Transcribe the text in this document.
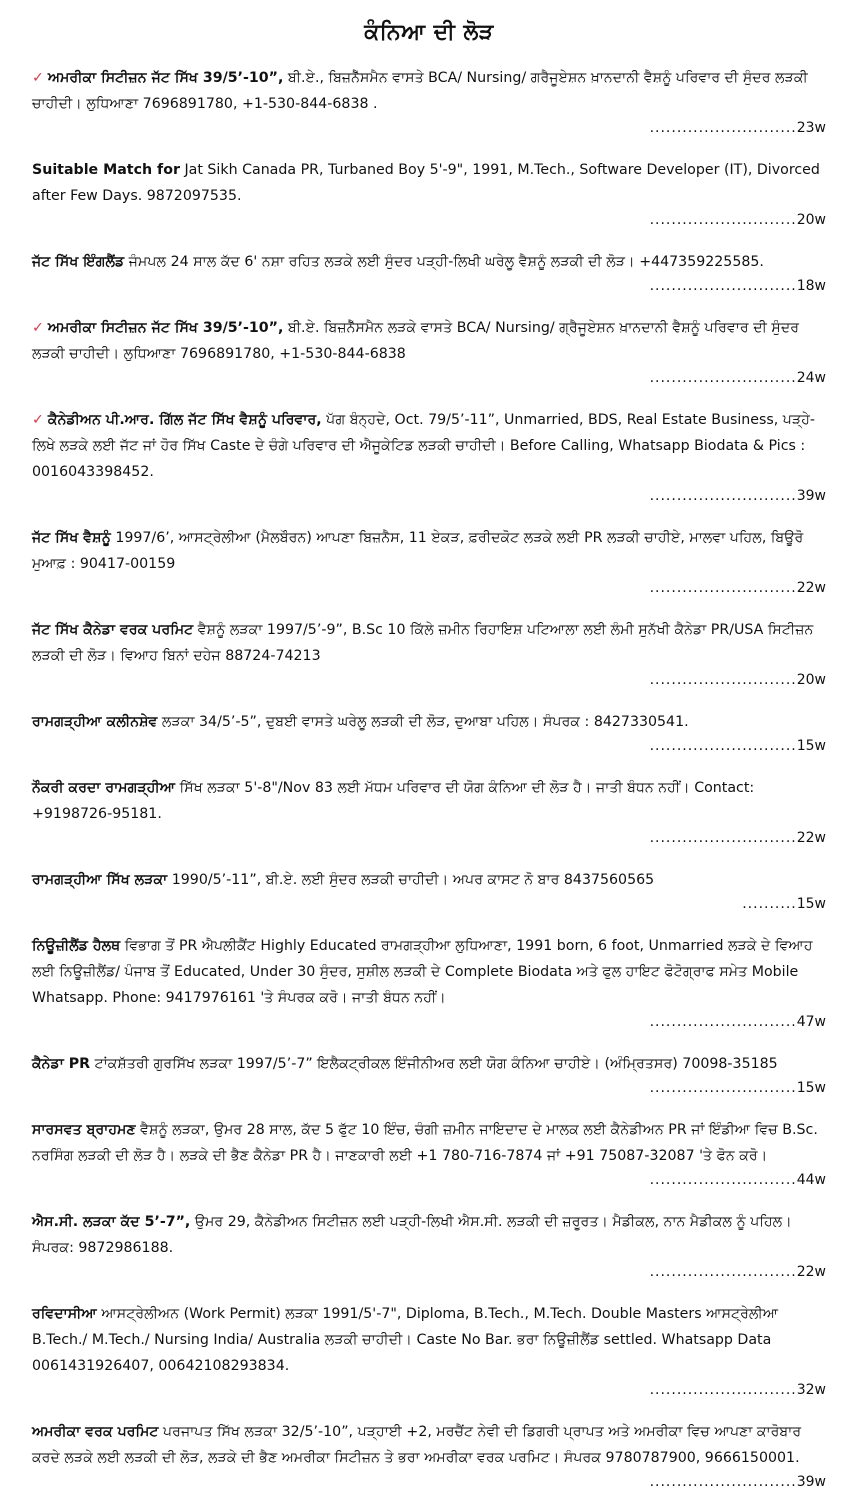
ਕੰਨਿਆ ਦੀ ਲੋੜ
✓ ਅਮਰੀਕਾ ਸਿਟੀਜ਼ਨ ਜੱਟ ਸਿੱਖ 39/5’-10”, ਬੀ.ਏ., ਬਿਜ਼ਨੈੱਸਮੈਨ ਵਾਸਤੇ BCA/ Nursing/ ਗਰੈਜੂਏਸ਼ਨ ਖ਼ਾਨਦਾਨੀ ਵੈਸ਼ਨੂੰ ਪਰਿਵਾਰ ਦੀ ਸੁੰਦਰ ਲੜਕੀ ਚਾਹੀਦੀ। ਲੁਧਿਆਣਾ 7696891780, +1-530-844-6838 .
...........................23w
Suitable Match for Jat Sikh Canada PR, Turbaned Boy 5'-9", 1991, M.Tech., Software Developer (IT), Divorced after Few Days. 9872097535.
...........................20w
ਜੱਟ ਸਿੱਖ ਇੰਗਲੈਂਡ ਜੰਮਪਲ 24 ਸਾਲ ਕੱਦ 6' ਨਸ਼ਾ ਰਹਿਤ ਲੜਕੇ ਲਈ ਸੁੰਦਰ ਪੜ੍ਹੀ-ਲਿਖੀ ਘਰੇਲੂ ਵੈਸ਼ਨੂੰ ਲੜਕੀ ਦੀ ਲੋੜ। +447359225585.
...........................18w
✓ ਅਮਰੀਕਾ ਸਿਟੀਜ਼ਨ ਜੱਟ ਸਿੱਖ 39/5’-10”, ਬੀ.ਏ. ਬਿਜ਼ਨੈੱਸਮੈਨ ਲੜਕੇ ਵਾਸਤੇ BCA/ Nursing/ ਗ੍ਰੈਜੂਏਸ਼ਨ ਖ਼ਾਨਦਾਨੀ ਵੈਸ਼ਨੂੰ ਪਰਿਵਾਰ ਦੀ ਸੁੰਦਰ ਲੜਕੀ ਚਾਹੀਦੀ। ਲੁਧਿਆਣਾ 7696891780, +1-530-844-6838
...........................24w
✓ ਕੈਨੇਡੀਅਨ ਪੀ.ਆਰ. ਗਿੱਲ ਜੱਟ ਸਿੱਖ ਵੈਸ਼ਨੂੰ ਪਰਿਵਾਰ, ਪੱਗ ਬੰਨ੍ਹਦੇ, Oct. 79/5’-11”, Unmarried, BDS, Real Estate Business, ਪੜ੍ਹੇ-ਲਿਖੇ ਲੜਕੇ ਲਈ ਜੱਟ ਜਾਂ ਹੋਰ ਸਿੱਖ Caste ਦੇ ਚੰਗੇ ਪਰਿਵਾਰ ਦੀ ਐਜੂਕੇਟਿਡ ਲੜਕੀ ਚਾਹੀਦੀ। Before Calling, Whatsapp Biodata & Pics : 0016043398452.
...........................39w
ਜੱਟ ਸਿੱਖ ਵੈਸ਼ਨੂੰ 1997/6’, ਆਸਟ੍ਰੇਲੀਆ (ਮੈਲਬੌਰਨ) ਆਪਣਾ ਬਿਜ਼ਨੈਸ, 11 ਏਕੜ, ਫ਼ਰੀਦਕੋਟ ਲੜਕੇ ਲਈ PR ਲੜਕੀ ਚਾਹੀਏ, ਮਾਲਵਾ ਪਹਿਲ, ਬਿਊਰੋ ਮੁਆਫ਼ : 90417-00159
...........................22w
ਜੱਟ ਸਿੱਖ ਕੈਨੇਡਾ ਵਰਕ ਪਰਮਿਟ ਵੈਸ਼ਨੂੰ ਲੜਕਾ 1997/5’-9”, B.Sc 10 ਕਿੱਲੇ ਜ਼ਮੀਨ ਰਿਹਾਇਸ਼ ਪਟਿਆਲਾ ਲਈ ਲੰਮੀ ਸੁਨੱਖੀ ਕੈਨੇਡਾ PR/USA ਸਿਟੀਜ਼ਨ ਲੜਕੀ ਦੀ ਲੋੜ। ਵਿਆਹ ਬਿਨਾਂ ਦਹੇਜ 88724-74213
...........................20w
ਰਾਮਗੜ੍ਹੀਆ ਕਲੀਨਸ਼ੇਵ ਲੜਕਾ 34/5’-5”, ਦੁਬਈ ਵਾਸਤੇ ਘਰੇਲੂ ਲੜਕੀ ਦੀ ਲੋੜ, ਦੁਆਬਾ ਪਹਿਲ। ਸੰਪਰਕ : 8427330541.
...........................15w
ਨੌਕਰੀ ਕਰਦਾ ਰਾਮਗੜ੍ਹੀਆ ਸਿੱਖ ਲੜਕਾ 5'-8"/Nov 83 ਲਈ ਮੱਧਮ ਪਰਿਵਾਰ ਦੀ ਯੋਗ ਕੰਨਿਆ ਦੀ ਲੋੜ ਹੈ। ਜਾਤੀ ਬੰਧਨ ਨਹੀਂ। Contact: +9198726-95181.
...........................22w
ਰਾਮਗੜ੍ਹੀਆ ਸਿੱਖ ਲੜਕਾ 1990/5’-11”, ਬੀ.ਏ. ਲਈ ਸੁੰਦਰ ਲੜਕੀ ਚਾਹੀਦੀ। ਅਪਰ ਕਾਸਟ ਨੋ ਬਾਰ 8437560565
..........15w
ਨਿਊਜ਼ੀਲੈਂਡ ਹੈਲਥ ਵਿਭਾਗ ਤੋਂ PR ਐਪਲੀਕੈਂਟ Highly Educated ਰਾਮਗੜ੍ਹੀਆ ਲੁਧਿਆਣਾ, 1991 born, 6 foot, Unmarried ਲੜਕੇ ਦੇ ਵਿਆਹ ਲਈ ਨਿਊਜ਼ੀਲੈਂਡ/ ਪੰਜਾਬ ਤੋਂ Educated, Under 30 ਸੁੰਦਰ, ਸੁਸ਼ੀਲ ਲੜਕੀ ਦੇ Complete Biodata ਅਤੇ ਫੁਲ ਹਾਇਟ ਫੋਟੋਗ੍ਰਾਫ ਸਮੇਤ Mobile Whatsapp. Phone: 9417976161 'ਤੇ ਸੰਪਰਕ ਕਰੋ। ਜਾਤੀ ਬੰਧਨ ਨਹੀਂ।
...........................47w
ਕੈਨੇਡਾ PR ਟਾਂਕਸ਼ੱਤਰੀ ਗੁਰਸਿੱਖ ਲੜਕਾ 1997/5’-7” ਇਲੈਕਟ੍ਰੀਕਲ ਇੰਜੀਨੀਅਰ ਲਈ ਯੋਗ ਕੰਨਿਆ ਚਾਹੀਏ। (ਅੰਮ੍ਰਿਤਸਰ) 70098-35185
...........................15w
ਸਾਰਸਵਤ ਬ੍ਰਾਹਮਣ ਵੈਸ਼ਨੂੰ ਲੜਕਾ, ਉਮਰ 28 ਸਾਲ, ਕੱਦ 5 ਫੁੱਟ 10 ਇੰਚ, ਚੰਗੀ ਜ਼ਮੀਨ ਜਾਇਦਾਦ ਦੇ ਮਾਲਕ ਲਈ ਕੈਨੇਡੀਅਨ PR ਜਾਂ ਇੰਡੀਆ ਵਿਚ B.Sc. ਨਰਸਿੰਗ ਲੜਕੀ ਦੀ ਲੋੜ ਹੈ। ਲੜਕੇ ਦੀ ਭੈਣ ਕੈਨੇਡਾ PR ਹੈ। ਜਾਣਕਾਰੀ ਲਈ +1 780-716-7874 ਜਾਂ +91 75087-32087 'ਤੇ ਫੋਨ ਕਰੋ।
...........................44w
ਐਸ.ਸੀ. ਲੜਕਾ ਕੱਦ 5’-7”, ਉਮਰ 29, ਕੈਨੇਡੀਅਨ ਸਿਟੀਜ਼ਨ ਲਈ ਪੜ੍ਹੀ-ਲਿਖੀ ਐਸ.ਸੀ. ਲੜਕੀ ਦੀ ਜ਼ਰੂਰਤ। ਮੈਡੀਕਲ, ਨਾਨ ਮੈਡੀਕਲ ਨੂੰ ਪਹਿਲ। ਸੰਪਰਕ: 9872986188.
...........................22w
ਰਵਿਦਾਸੀਆ ਆਸਟ੍ਰੇਲੀਅਨ (Work Permit) ਲੜਕਾ 1991/5'-7", Diploma, B.Tech., M.Tech. Double Masters ਆਸਟ੍ਰੇਲੀਆ B.Tech./ M.Tech./ Nursing India/ Australia ਲੜਕੀ ਚਾਹੀਦੀ। Caste No Bar. ਭਰਾ ਨਿਊਜ਼ੀਲੈਂਡ settled. Whatsapp Data 0061431926407, 00642108293834.
...........................32w
ਅਮਰੀਕਾ ਵਰਕ ਪਰਮਿਟ ਪਰਜਾਪਤ ਸਿੱਖ ਲੜਕਾ 32/5’-10”, ਪੜ੍ਹਾਈ +2, ਮਰਚੈਂਟ ਨੇਵੀ ਦੀ ਡਿਗਰੀ ਪ੍ਰਾਪਤ ਅਤੇ ਅਮਰੀਕਾ ਵਿਚ ਆਪਣਾ ਕਾਰੋਬਾਰ ਕਰਦੇ ਲੜਕੇ ਲਈ ਲੜਕੀ ਦੀ ਲੋੜ, ਲੜਕੇ ਦੀ ਭੈਣ ਅਮਰੀਕਾ ਸਿਟੀਜ਼ਨ ਤੇ ਭਰਾ ਅਮਰੀਕਾ ਵਰਕ ਪਰਮਿਟ। ਸੰਪਰਕ 9780787900, 9666150001.
...........................39w
